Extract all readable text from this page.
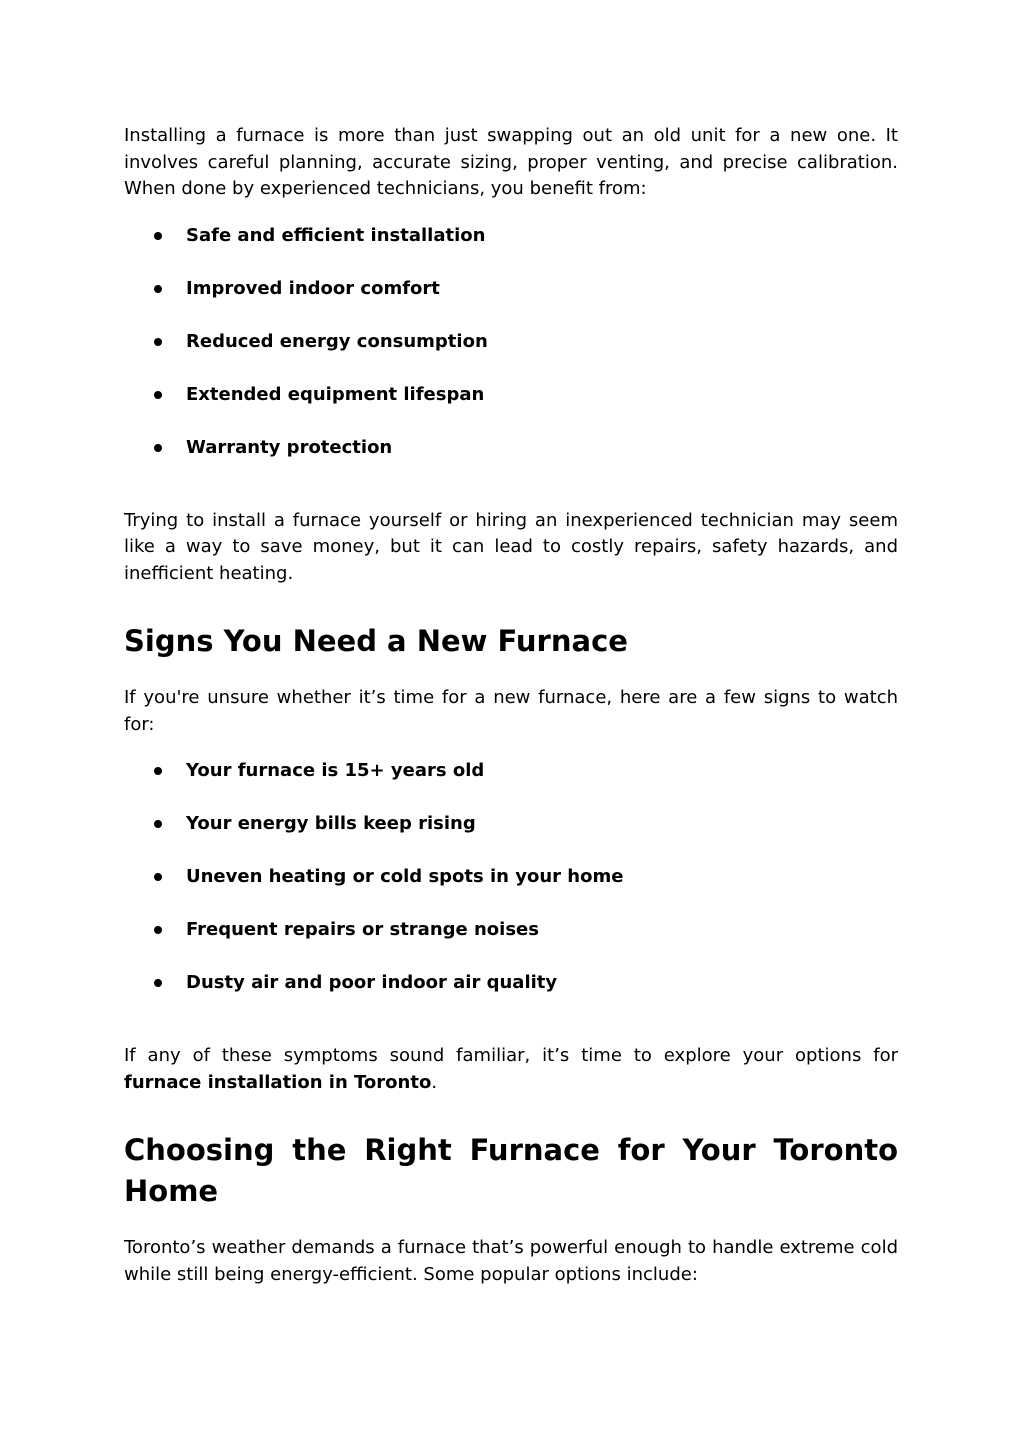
Installing a furnace is more than just swapping out an old unit for a new one. It involves careful planning, accurate sizing, proper venting, and precise calibration. When done by experienced technicians, you benefit from:

Safe and efficient installation
Improved indoor comfort
Reduced energy consumption
Extended equipment lifespan
Warranty protection

Trying to install a furnace yourself or hiring an inexperienced technician may seem like a way to save money, but it can lead to costly repairs, safety hazards, and inefficient heating.

Signs You Need a New Furnace

If you're unsure whether it’s time for a new furnace, here are a few signs to watch for:

Your furnace is 15+ years old
Your energy bills keep rising
Uneven heating or cold spots in your home
Frequent repairs or strange noises
Dusty air and poor indoor air quality

If any of these symptoms sound familiar, it’s time to explore your options for furnace installation in Toronto.

Choosing the Right Furnace for Your Toronto Home

Toronto’s weather demands a furnace that’s powerful enough to handle extreme cold while still being energy-efficient. Some popular options include:
